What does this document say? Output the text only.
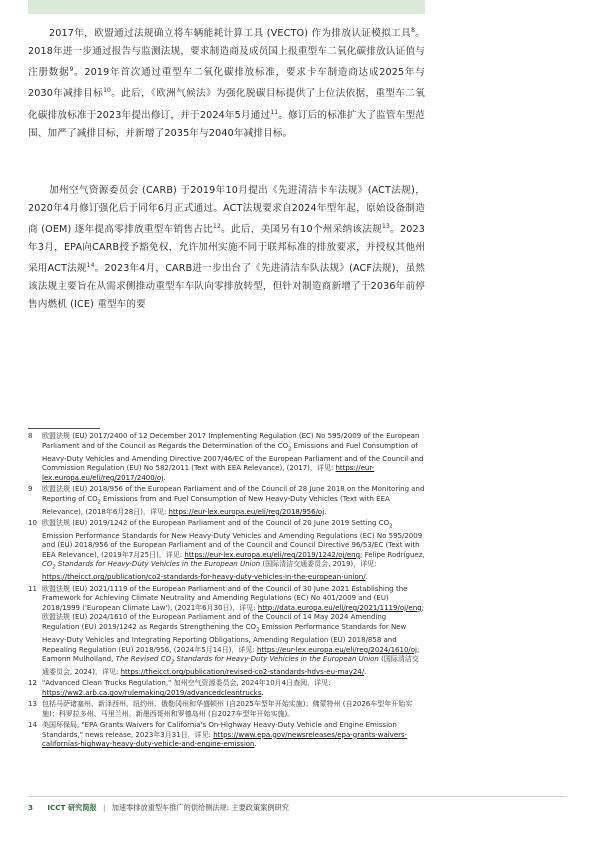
2017年，欧盟通过法规确立将车辆能耗计算工具 (VECTO) 作为排放认证模拟工具$^8$。2018年进一步通过报告与监测法规，要求制造商及成员国上报重型车二氧化碳排放认证值与注册数据$^9$。2019年首次通过重型车二氧化碳排放标准，要求卡车制造商达成2025年与2030年减排目标$^{10}$。此后，《欧洲气候法》为强化脱碳目标提供了上位法依据，重型车二氧化碳排放标准于2023年提出修订，并于2024年5月通过$^{11}$。修订后的标准扩大了监管车型范围、加严了减排目标，并新增了2035年与2040年减排目标。

加州空气资源委员会 (CARB) 于2019年10月提出《先进清洁卡车法规》(ACT法规)，2020年4月修订强化后于同年6月正式通过。ACT法规要求自2024年型年起，原始设备制造商 (OEM) 逐年提高零排放重型车销售占比$^{12}$。此后，美国另有10个州采纳该法规$^{13}$。2023年3月，EPA向CARB授予豁免权，允许加州实施不同于联邦标准的排放要求，并授权其他州采用ACT法规$^{14}$。2023年4月，CARB进一步出台了《先进清洁车队法规》(ACF法规)，虽然该法规主要旨在从需求侧推动重型车车队向零排放转型，但针对制造商新增了于2036年前停售内燃机 (ICE) 重型车的要

8	欧盟法规 (EU) 2017/2400 of 12 December 2017 Implementing Regulation (EC) No 595/2009 of the European Parliament and of the Council as Regards the Determination of the $CO_2$ Emissions and Fuel Consumption of Heavy-Duty Vehicles and Amending Directive 2007/46/EC of the European Parliament and of the Council and Commission Regulation (EU) No 582/2011 (Text with EEA Relevance), (2017)，详见: https://eur-lex.europa.eu/eli/reg/2017/2400/oj.
9	欧盟法规 (EU) 2018/956 of the European Parliament and of the Council of 28 June 2018 on the Monitoring and Reporting of $CO_2$ Emissions from and Fuel Consumption of New Heavy-Duty Vehicles (Text with EEA Relevance), (2018年6月28日)，详见: https://eur-lex.europa.eu/eli/reg/2018/956/oj.
10 欧盟法规 (EU) 2019/1242 of the European Parliament and of the Council of 20 June 2019 Setting $CO_2$ Emission Performance Standards for New Heavy-Duty Vehicles and Amending Regulations (EC) No 595/2009 and (EU) 2018/956 of the European Parliament and of the Council and Council Directive 96/53/EC (Text with EEA Relevance), (2019年7月25日)，详见: https://eur-lex.europa.eu/eli/reg/2019/1242/oj/eng; Felipe Rodríguez, $CO_2$ Standards for Heavy-Duty Vehicles in the European Union (国际清洁交通委员会, 2019)，详见: https://theicct.org/publication/co2-standards-for-heavy-duty-vehicles-in-the-european-union/.
11 欧盟法规 (EU) 2021/1119 of the European Parliament and of the Council of 30 June 2021 Establishing the Framework for Achieving Climate Neutrality and Amending Regulations (EC) No 401/2009 and (EU) 2018/1999 ('European Climate Law'), (2021年6月30日)，详见: http://data.europa.eu/eli/reg/2021/1119/oj/eng; 欧盟法规 (EU) 2024/1610 of the European Parliament and of the Council of 14 May 2024 Amending Regulation (EU) 2019/1242 as Regards Strengthening the $CO_2$ Emission Performance Standards for New Heavy-Duty Vehicles and Integrating Reporting Obligations, Amending Regulation (EU) 2018/858 and Repealing Regulation (EU) 2018/956, (2024年5月14日)，详见: https://eur-lex.europa.eu/eli/reg/2024/1610/oj; Eamonn Mulholland, The Revised $CO_2$ Standards for Heavy-Duty Vehicles in the European Union (国际清洁交通委员会, 2024)，详见: https://theicct.org/publication/revised-co2-standards-hdvs-eu-may24/.
12 "Advanced Clean Trucks Regulation," 加州空气资源委员会, 2024年10月4日查阅，详见: https://ww2.arb.ca.gov/rulemaking/2019/advancedcleantrucks.
13 包括马萨诸塞州、新泽西州、纽约州、俄勒冈州和华盛顿州 (自2025车型年开始实施)；佛蒙特州 (自2026车型年开始实施)；科罗拉多州、马里兰州、新墨西哥州和罗德岛州 (自2027车型年开始实施)。
14 美国环保局, "EPA Grants Waivers for California's On-Highway Heavy-Duty Vehicle and Engine Emission Standards," news release, 2023年3月31日，详见: https://www.epa.gov/newsreleases/epa-grants-waivers-californias-highway-heavy-duty-vehicle-and-engine-emission.
3 ICCT 研究简报 | 加速零排放重型车推广的供给侧法规: 主要政策案例研究
